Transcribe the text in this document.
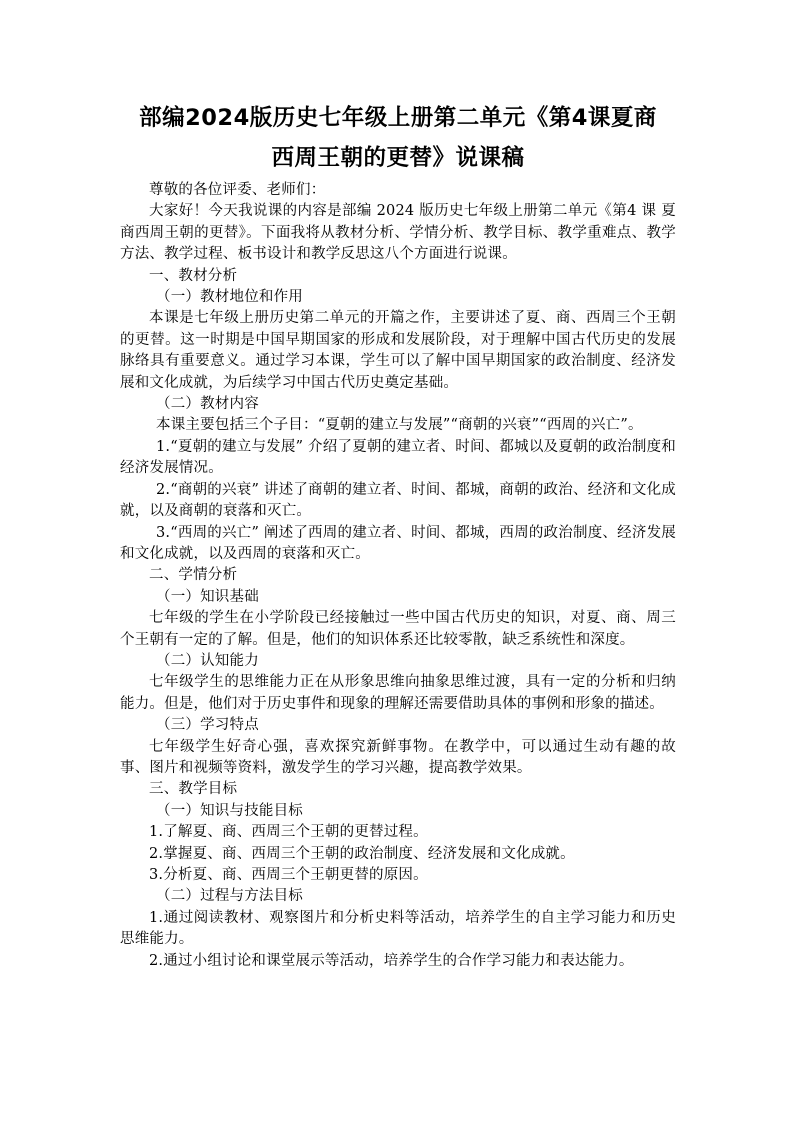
部编2024版历史七年级上册第二单元《第4课夏商
西周王朝的更替》说课稿

尊敬的各位评委、老师们：

大家好！今天我说课的内容是部编 2024 版历史七年级上册第二单元《第4 课 夏商西周王朝的更替》。下面我将从教材分析、学情分析、教学目标、教学重难点、教学方法、教学过程、板书设计和教学反思这八个方面进行说课。

一、教材分析

（一）教材地位和作用

本课是七年级上册历史第二单元的开篇之作，主要讲述了夏、商、西周三个王朝的更替。这一时期是中国早期国家的形成和发展阶段，对于理解中国古代历史的发展脉络具有重要意义。通过学习本课，学生可以了解中国早期国家的政治制度、经济发展和文化成就，为后续学习中国古代历史奠定基础。

（二）教材内容

本课主要包括三个子目：“夏朝的建立与发展”“商朝的兴衰”“西周的兴亡”。

1.“夏朝的建立与发展” 介绍了夏朝的建立者、时间、都城以及夏朝的政治制度和经济发展情况。

2.“商朝的兴衰” 讲述了商朝的建立者、时间、都城，商朝的政治、经济和文化成就，以及商朝的衰落和灭亡。

3.“西周的兴亡” 阐述了西周的建立者、时间、都城，西周的政治制度、经济发展和文化成就，以及西周的衰落和灭亡。

二、学情分析

（一）知识基础

七年级的学生在小学阶段已经接触过一些中国古代历史的知识，对夏、商、周三个王朝有一定的了解。但是，他们的知识体系还比较零散，缺乏系统性和深度。

（二）认知能力

七年级学生的思维能力正在从形象思维向抽象思维过渡，具有一定的分析和归纳能力。但是，他们对于历史事件和现象的理解还需要借助具体的事例和形象的描述。

（三）学习特点

七年级学生好奇心强，喜欢探究新鲜事物。在教学中，可以通过生动有趣的故事、图片和视频等资料，激发学生的学习兴趣，提高教学效果。

三、教学目标

（一）知识与技能目标

1.了解夏、商、西周三个王朝的更替过程。

2.掌握夏、商、西周三个王朝的政治制度、经济发展和文化成就。

3.分析夏、商、西周三个王朝更替的原因。

（二）过程与方法目标

1.通过阅读教材、观察图片和分析史料等活动，培养学生的自主学习能力和历史思维能力。

2.通过小组讨论和课堂展示等活动，培养学生的合作学习能力和表达能力。
